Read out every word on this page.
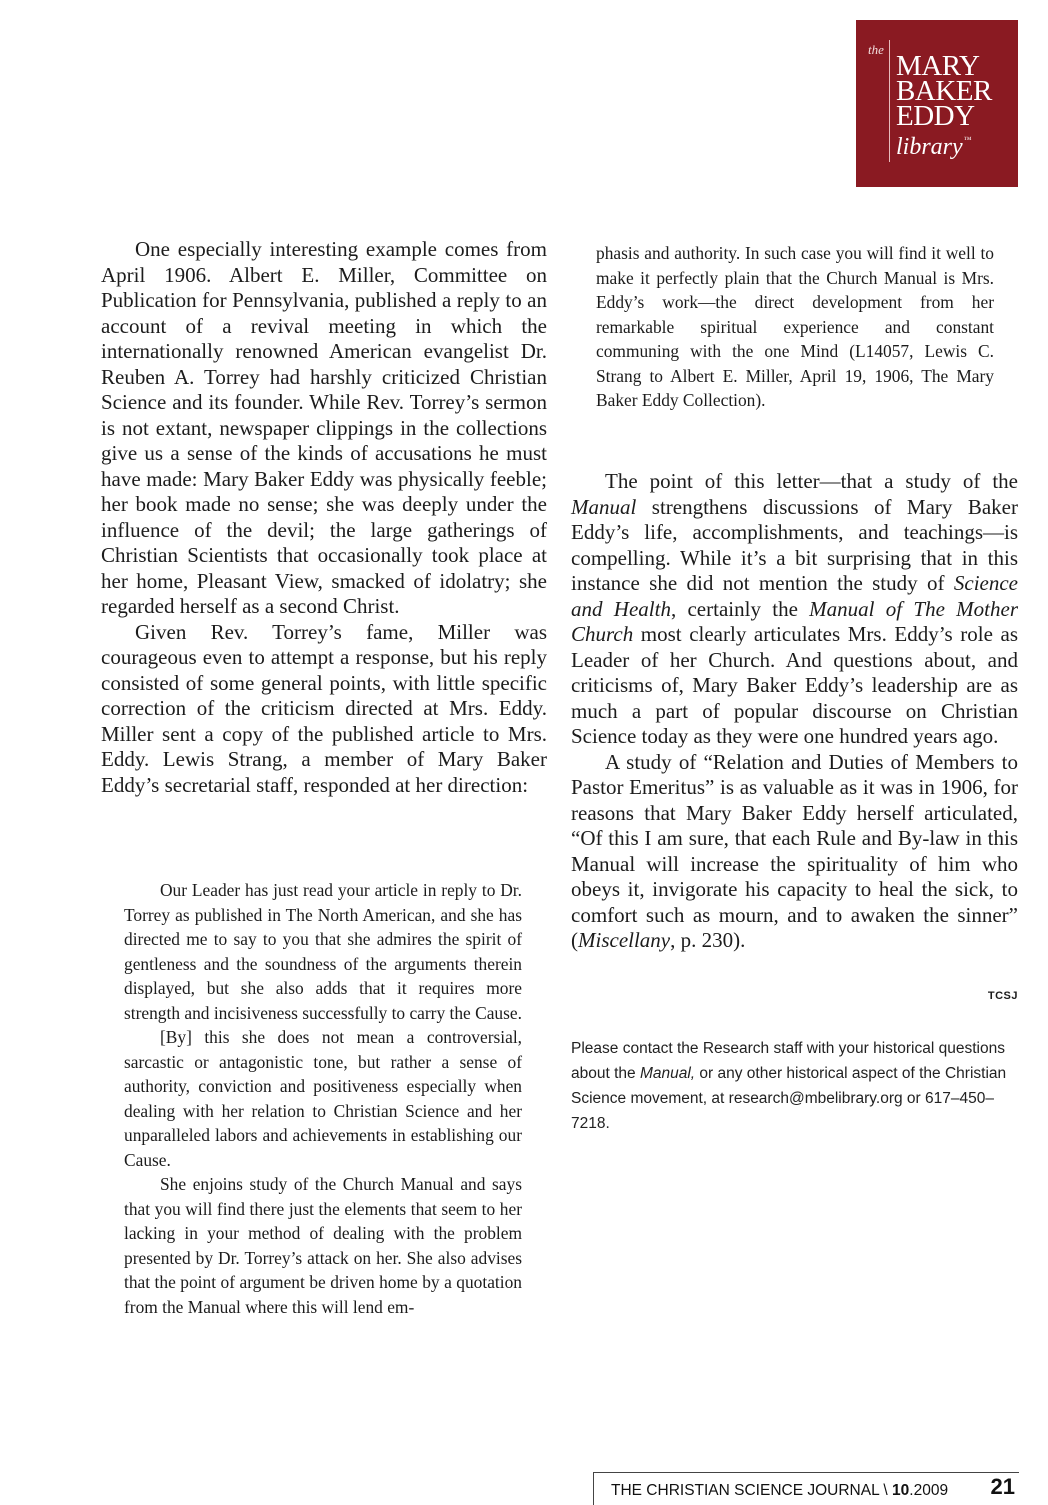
the
MARY
BAKER
EDDY
library™

One especially interesting example comes from April 1906. Albert E. Miller, Committee on Publication for Pennsylvania, published a reply to an account of a revival meeting in which the internationally renowned American evangelist Dr. Reuben A. Torrey had harshly criticized Christian Science and its founder. While Rev. Torrey’s sermon is not extant, newspaper clippings in the collections give us a sense of the kinds of accusations he must have made: Mary Baker Eddy was physically feeble; her book made no sense; she was deeply under the influence of the devil; the large gatherings of Christian Scientists that occasionally took place at her home, Pleasant View, smacked of idolatry; she regarded herself as a second Christ.

Given Rev. Torrey’s fame, Miller was courageous even to attempt a response, but his reply consisted of some general points, with little specific correction of the criticism directed at Mrs. Eddy. Miller sent a copy of the published article to Mrs. Eddy. Lewis Strang, a member of Mary Baker Eddy’s secretarial staff, responded at her direction:

Our Leader has just read your article in reply to Dr. Torrey as published in The North American, and she has directed me to say to you that she admires the spirit of gentleness and the soundness of the arguments therein displayed, but she also adds that it requires more strength and incisiveness successfully to carry the Cause.

[By] this she does not mean a controversial, sarcastic or antagonistic tone, but rather a sense of authority, conviction and positiveness especially when dealing with her relation to Christian Science and her unparalleled labors and achievements in establishing our Cause.

She enjoins study of the Church Manual and says that you will find there just the elements that seem to her lacking in your method of dealing with the problem presented by Dr. Torrey’s attack on her. She also advises that the point of argument be driven home by a quotation from the Manual where this will lend em-

phasis and authority. In such case you will find it well to make it perfectly plain that the Church Manual is Mrs. Eddy’s work—the direct development from her remarkable spiritual experience and constant communing with the one Mind (L14057, Lewis C. Strang to Albert E. Miller, April 19, 1906, The Mary Baker Eddy Collection).

The point of this letter—that a study of the Manual strengthens discussions of Mary Baker Eddy’s life, accomplishments, and teachings—is compelling. While it’s a bit surprising that in this instance she did not mention the study of Science and Health, certainly the Manual of The Mother Church most clearly articulates Mrs. Eddy’s role as Leader of her Church. And questions about, and criticisms of, Mary Baker Eddy’s leadership are as much a part of popular discourse on Christian Science today as they were one hundred years ago.

A study of “Relation and Duties of Members to Pastor Emeritus” is as valuable as it was in 1906, for reasons that Mary Baker Eddy herself articulated, “Of this I am sure, that each Rule and By-law in this Manual will increase the spirituality of him who obeys it, invigorate his capacity to heal the sick, to comfort such as mourn, and to awaken the sinner” (Miscellany, p. 230).

TCSJ
Please contact the Research staff with your historical questions about the Manual, or any other historical aspect of the Christian Science movement, at research@mbelibrary.org or 617–450–7218.
THE CHRISTIAN SCIENCE JOURNAL \ 10.2009 21
